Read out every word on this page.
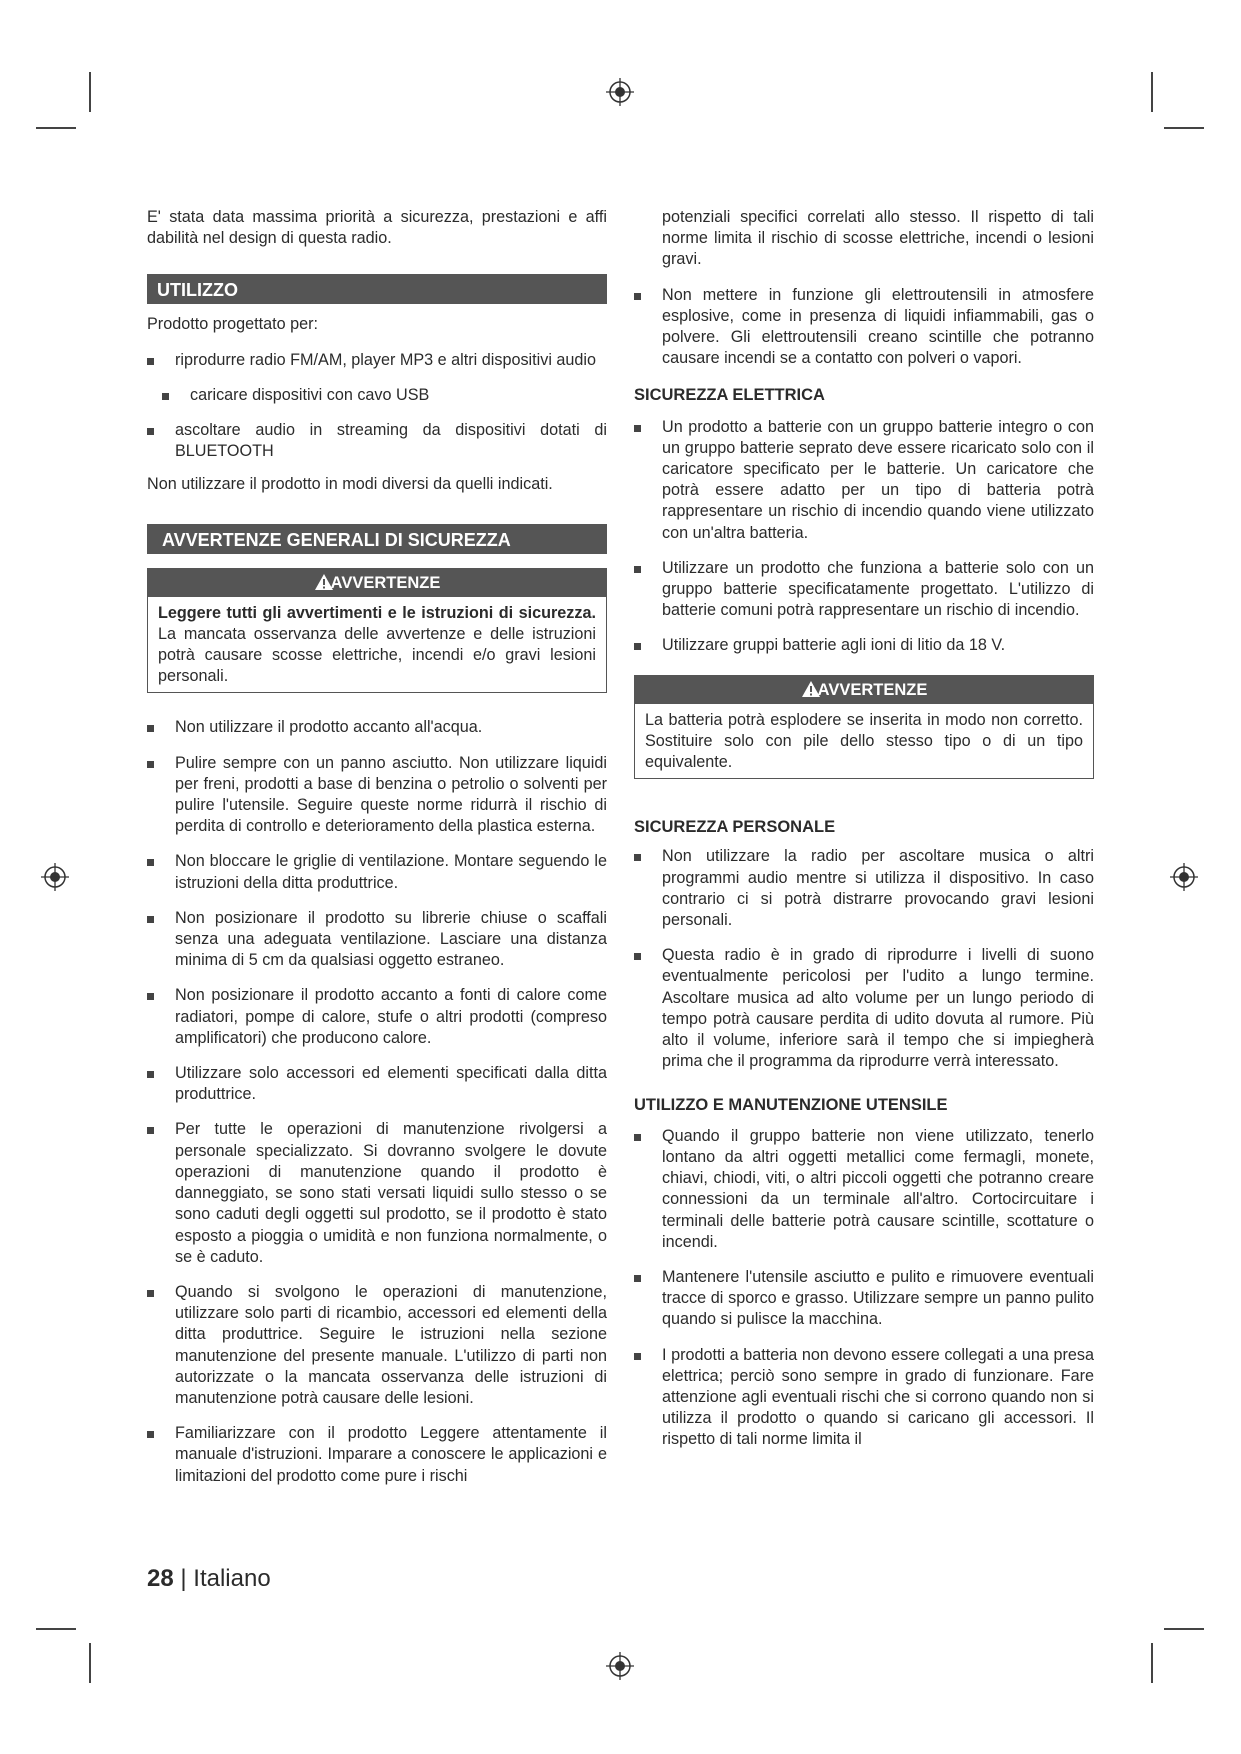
E' stata data massima priorità a sicurezza, prestazioni e affi dabilità nel design di questa radio.

UTILIZZO

Prodotto progettato per:

riprodurre radio FM/AM, player MP3 e altri dispositivi audio
caricare dispositivi con cavo USB
ascoltare audio in streaming da dispositivi dotati di BLUETOOTH

Non utilizzare il prodotto in modi diversi da quelli indicati.

AVVERTENZE GENERALI DI SICUREZZA
AVVERTENZE
Leggere tutti gli avvertimenti e le istruzioni di sicurezza. La mancata osservanza delle avvertenze e delle istruzioni potrà causare scosse elettriche, incendi e/o gravi lesioni personali.
Non utilizzare il prodotto accanto all'acqua.
Pulire sempre con un panno asciutto. Non utilizzare liquidi per freni, prodotti a base di benzina o petrolio o solventi per pulire l'utensile. Seguire queste norme ridurrà il rischio di perdita di controllo e deterioramento della plastica esterna.
Non bloccare le griglie di ventilazione. Montare seguendo le istruzioni della ditta produttrice.
Non posizionare il prodotto su librerie chiuse o scaffali senza una adeguata ventilazione. Lasciare una distanza minima di 5 cm da qualsiasi oggetto estraneo.
Non posizionare il prodotto accanto a fonti di calore come radiatori, pompe di calore, stufe o altri prodotti (compreso amplificatori) che producono calore.
Utilizzare solo accessori ed elementi specificati dalla ditta produttrice.
Per tutte le operazioni di manutenzione rivolgersi a personale specializzato. Si dovranno svolgere le dovute operazioni di manutenzione quando il prodotto è danneggiato, se sono stati versati liquidi sullo stesso o se sono caduti degli oggetti sul prodotto, se il prodotto è stato esposto a pioggia o umidità e non funziona normalmente, o se è caduto.
Quando si svolgono le operazioni di manutenzione, utilizzare solo parti di ricambio, accessori ed elementi della ditta produttrice. Seguire le istruzioni nella sezione manutenzione del presente manuale. L'utilizzo di parti non autorizzate o la mancata osservanza delle istruzioni di manutenzione potrà causare delle lesioni.
Familiarizzare con il prodotto Leggere attentamente il manuale d'istruzioni. Imparare a conoscere le applicazioni e limitazioni del prodotto come pure i rischi

potenziali specifici correlati allo stesso. Il rispetto di tali norme limita il rischio di scosse elettriche, incendi o lesioni gravi.

Non mettere in funzione gli elettroutensili in atmosfere esplosive, come in presenza di liquidi infiammabili, gas o polvere. Gli elettroutensili creano scintille che potranno causare incendi se a contatto con polveri o vapori.

SICUREZZA ELETTRICA

Un prodotto a batterie con un gruppo batterie integro o con un gruppo batterie seprato deve essere ricaricato solo con il caricatore specificato per le batterie. Un caricatore che potrà essere adatto per un tipo di batteria potrà rappresentare un rischio di incendio quando viene utilizzato con un'altra batteria.
Utilizzare un prodotto che funziona a batterie solo con un gruppo batterie specificatamente progettato. L'utilizzo di batterie comuni potrà rappresentare un rischio di incendio.
Utilizzare gruppi batterie agli ioni di litio da 18 V.
AVVERTENZE
La batteria potrà esplodere se inserita in modo non corretto. Sostituire solo con pile dello stesso tipo o di un tipo equivalente.

SICUREZZA PERSONALE

Non utilizzare la radio per ascoltare musica o altri programmi audio mentre si utilizza il dispositivo. In caso contrario ci si potrà distrarre provocando gravi lesioni personali.
Questa radio è in grado di riprodurre i livelli di suono eventualmente pericolosi per l'udito a lungo termine. Ascoltare musica ad alto volume per un lungo periodo di tempo potrà causare perdita di udito dovuta al rumore. Più alto il volume, inferiore sarà il tempo che si impiegherà prima che il programma da riprodurre verrà interessato.

UTILIZZO E MANUTENZIONE UTENSILE

Quando il gruppo batterie non viene utilizzato, tenerlo lontano da altri oggetti metallici come fermagli, monete, chiavi, chiodi, viti, o altri piccoli oggetti che potranno creare connessioni da un terminale all'altro. Cortocircuitare i terminali delle batterie potrà causare scintille, scottature o incendi.
Mantenere l'utensile asciutto e pulito e rimuovere eventuali tracce di sporco e grasso. Utilizzare sempre un panno pulito quando si pulisce la macchina.
I prodotti a batteria non devono essere collegati a una presa elettrica; perciò sono sempre in grado di funzionare. Fare attenzione agli eventuali rischi che si corrono quando non si utilizza il prodotto o quando si caricano gli accessori. Il rispetto di tali norme limita il
28 | Italiano
